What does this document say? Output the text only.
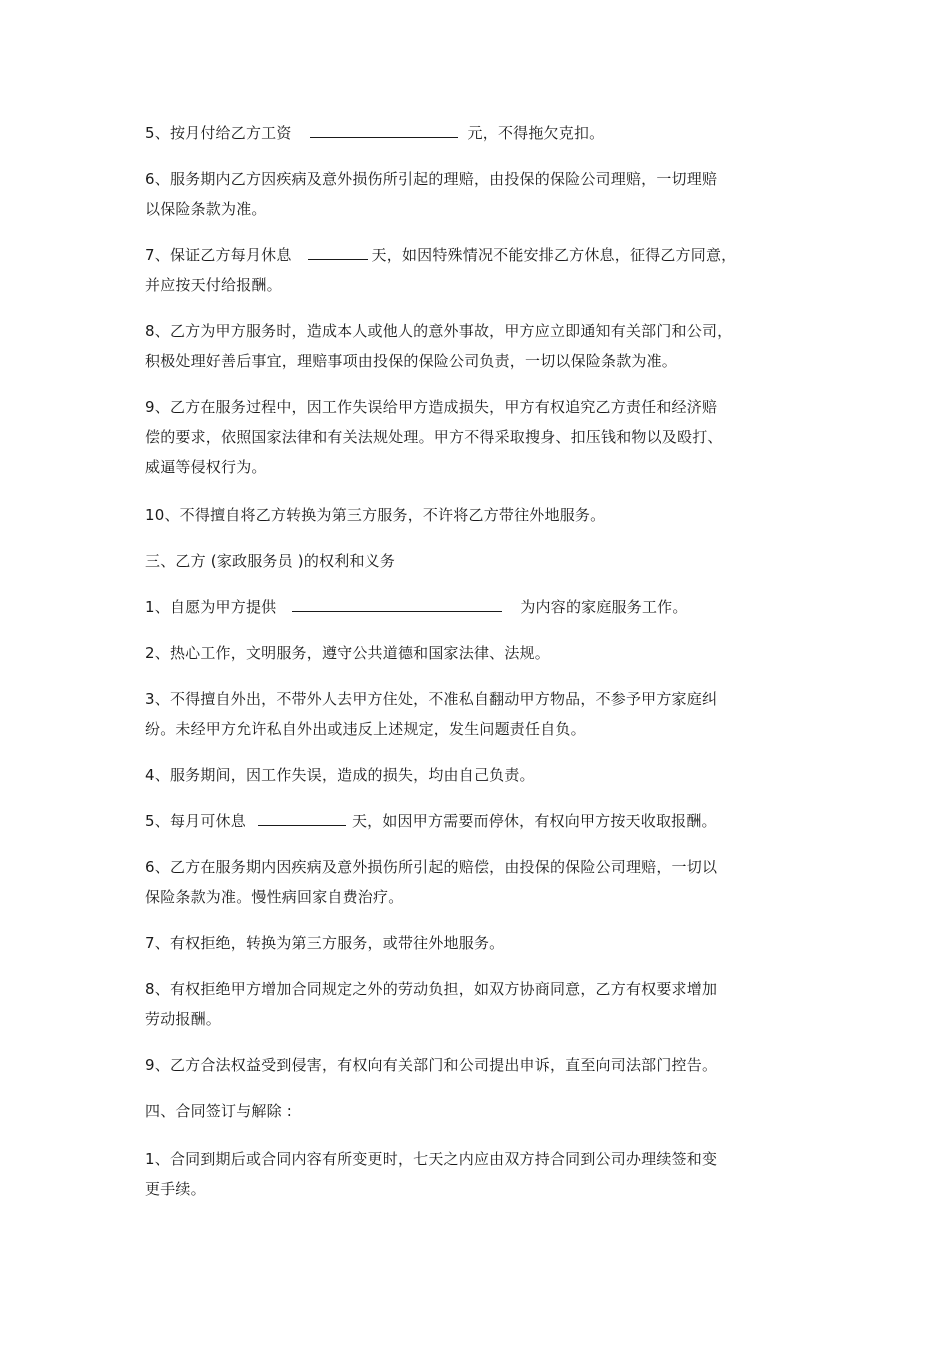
5、按月付给乙方工资	元，不得拖欠克扣。
6、服务期内乙方因疾病及意外损伤所引起的理赔，由投保的保险公司理赔，一切理赔
以保险条款为准。
7、保证乙方每月休息	天，如因特殊情况不能安排乙方休息，征得乙方同意，
并应按天付给报酬。
8、乙方为甲方服务时，造成本人或他人的意外事故，甲方应立即通知有关部门和公司，
积极处理好善后事宜，理赔事项由投保的保险公司负责，一切以保险条款为准。
9、乙方在服务过程中，因工作失误给甲方造成损失，甲方有权追究乙方责任和经济赔
偿的要求，依照国家法律和有关法规处理。甲方不得采取搜身、扣压钱和物以及殴打、
威逼等侵权行为。
10、不得擅自将乙方转换为第三方服务，不许将乙方带往外地服务。
三、乙方 (家政服务员 )的权利和义务
1、自愿为甲方提供	为内容的家庭服务工作。
2、热心工作，文明服务，遵守公共道德和国家法律、法规。
3、不得擅自外出，不带外人去甲方住处，不准私自翻动甲方物品，不参予甲方家庭纠
纷。未经甲方允许私自外出或违反上述规定，发生问题责任自负。
4、服务期间，因工作失误，造成的损失，均由自己负责。
5、每月可休息	天，如因甲方需要而停休，有权向甲方按天收取报酬。
6、乙方在服务期内因疾病及意外损伤所引起的赔偿，由投保的保险公司理赔，一切以
保险条款为准。慢性病回家自费治疗。
7、有权拒绝，转换为第三方服务，或带往外地服务。
8、有权拒绝甲方增加合同规定之外的劳动负担，如双方协商同意，乙方有权要求增加
劳动报酬。
9、乙方合法权益受到侵害，有权向有关部门和公司提出申诉，直至向司法部门控告。
四、合同签订与解除 :
1、合同到期后或合同内容有所变更时，七天之内应由双方持合同到公司办理续签和变
更手续。
